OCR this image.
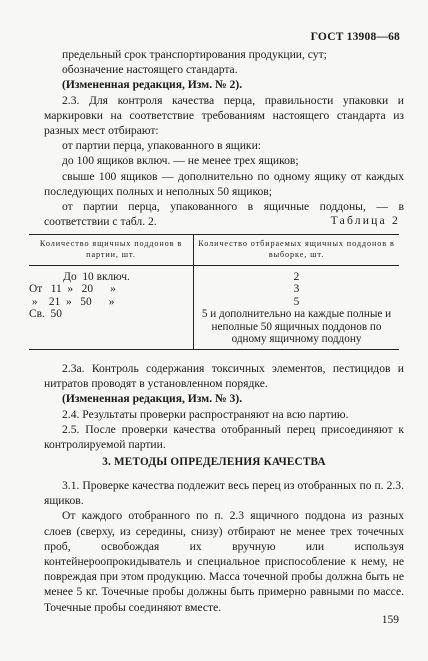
ГОСТ 13908—68

предельный срок транспортирования продукции, сут;

обозначение настоящего стандарта.

(Измененная редакция, Изм. № 2).

2.3. Для контроля качества перца, правильности упаковки и маркировки на соответствие требованиям настоящего стандарта из разных мест отбирают:

от партии перца, упакованного в ящики:

до 100 ящиков включ. — не менее трех ящиков;

свыше 100 ящиков — дополнительно по одному ящику от каждых последующих полных и неполных 50 ящиков;

от партии перца, упакованного в ящичные поддоны, — в соответствии с табл. 2.	Таблица 2
Количество ящичных поддонов в партии, шт.	Количество отбираемых ящичных поддонов в выборке, шт.
До  10 включ.	2
От   11  »   20      »	3
»    21  »   50      »	5
Св.  50	5 и дополнительно на каждые полные и неполные 50 ящичных поддонов по одному ящичному поддону

2.3а. Контроль содержания токсичных элементов, пестицидов и нитратов проводят в установленном порядке.

(Измененная редакция, Изм. № 3).

2.4. Результаты проверки распространяют на всю партию.

2.5. После проверки качества отобранный перец присоединяют к контролируемой партии.

3. МЕТОДЫ ОПРЕДЕЛЕНИЯ КАЧЕСТВА

3.1. Проверке качества подлежит весь перец из отобранных по п. 2.3. ящиков.

От каждого отобранного по п. 2.3 ящичного поддона из разных слоев (сверху, из середины, снизу) отбирают не менее трех точечных проб, освобождая их вручную или используя контейнероопрокидыватель и специальное приспособление к нему, не повреждая при этом продукцию. Масса точечной пробы должна быть не менее 5 кг. Точечные пробы должны быть примерно равными по массе. Точечные пробы соединяют вместе.

159
